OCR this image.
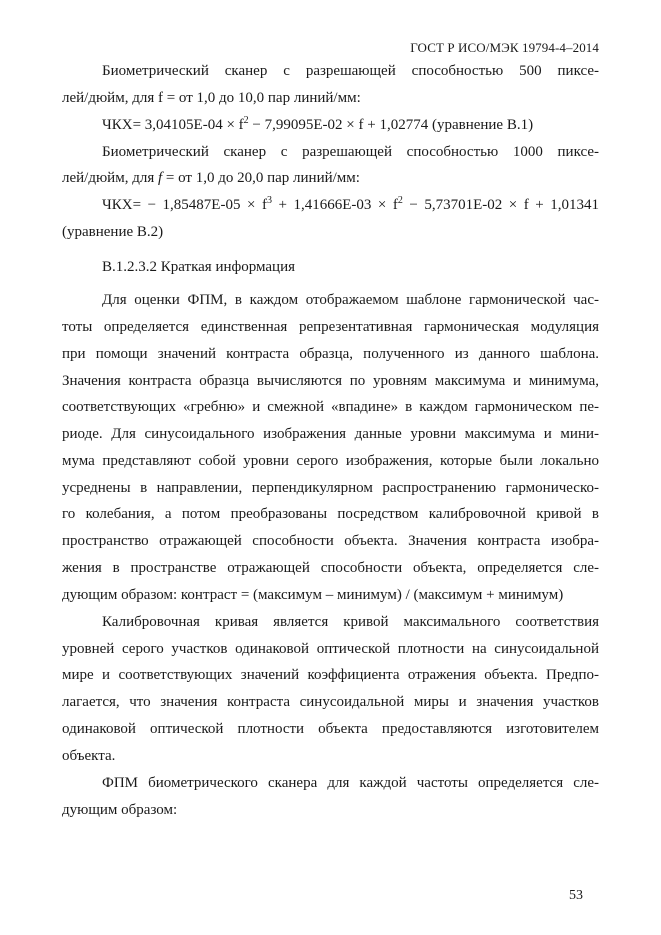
ГОСТ Р ИСО/МЭК 19794-4–2014
Биометрический сканер с разрешающей способностью 500 пиксе-
лей/дюйм, для f = от 1,0 до 10,0 пар линий/мм:
$ЧКХ= 3,04105E-04 \times f^2 - 7,99095E-02 \times f + 1,02774$ (уравнение В.1)
Биометрический сканер с разрешающей способностью 1000 пиксе-
лей/дюйм, для f = от 1,0 до 20,0 пар линий/мм:
$ЧКХ= - 1,85487E-05 \times f^3 + 1,41666E-03 \times f^2 - 5,73701E-02 \times f + 1,01341$
(уравнение В.2)
В.1.2.3.2 Краткая информация
Для оценки ФПМ, в каждом отображаемом шаблоне гармонической час-
тоты определяется единственная репрезентативная гармоническая модуляция
при помощи значений контраста образца, полученного из данного шаблона.
Значения контраста образца вычисляются по уровням максимума и минимума,
соответствующих «гребню» и смежной «впадине» в каждом гармоническом пе-
риоде. Для синусоидального изображения данные уровни максимума и мини-
мума представляют собой уровни серого изображения, которые были локально
усреднены в направлении, перпендикулярном распространению гармоническо-
го колебания, а потом преобразованы посредством калибровочной кривой в
пространство отражающей способности объекта. Значения контраста изобра-
жения в пространстве отражающей способности объекта, определяется сле-
дующим образом: контраст = (максимум – минимум) / (максимум + минимум)
Калибровочная кривая является кривой максимального соответствия
уровней серого участков одинаковой оптической плотности на синусоидальной
мире и соответствующих значений коэффициента отражения объекта. Предпо-
лагается, что значения контраста синусоидальной миры и значения участков
одинаковой оптической плотности объекта предоставляются изготовителем
объекта.
ФПМ биометрического сканера для каждой частоты определяется сле-
дующим образом:
53
